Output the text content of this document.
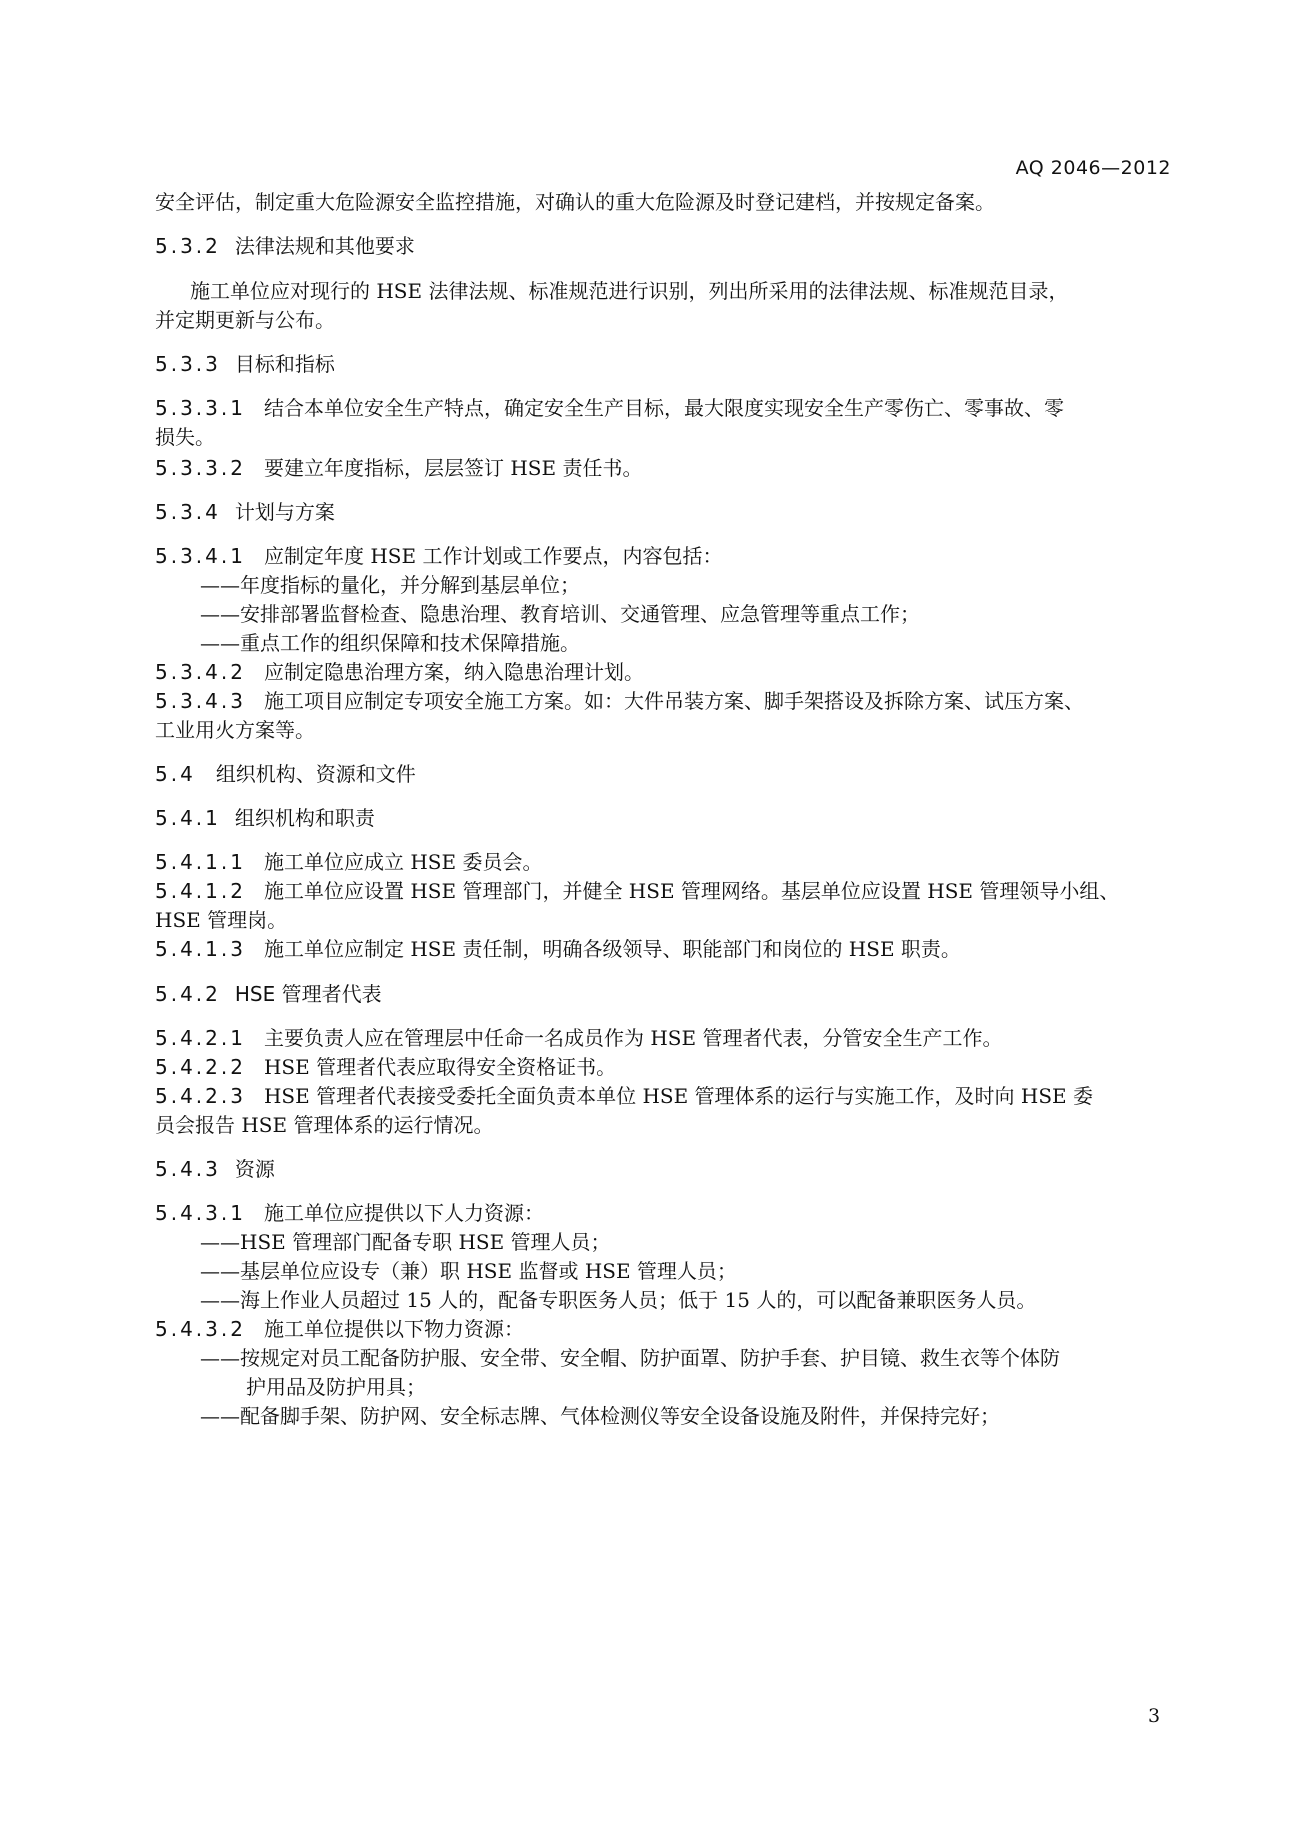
AQ 2046—2012
安全评估，制定重大危险源安全监控措施，对确认的重大危险源及时登记建档，并按规定备案。
5.3.2 法律法规和其他要求
施工单位应对现行的 HSE 法律法规、标准规范进行识别，列出所采用的法律法规、标准规范目录，
并定期更新与公布。
5.3.3 目标和指标
5.3.3.1 结合本单位安全生产特点，确定安全生产目标，最大限度实现安全生产零伤亡、零事故、零
损失。
5.3.3.2 要建立年度指标，层层签订 HSE 责任书。
5.3.4 计划与方案
5.3.4.1 应制定年度 HSE 工作计划或工作要点，内容包括：
——年度指标的量化，并分解到基层单位；
——安排部署监督检查、隐患治理、教育培训、交通管理、应急管理等重点工作；
——重点工作的组织保障和技术保障措施。
5.3.4.2 应制定隐患治理方案，纳入隐患治理计划。
5.3.4.3 施工项目应制定专项安全施工方案。如：大件吊装方案、脚手架搭设及拆除方案、试压方案、
工业用火方案等。
5.4 组织机构、资源和文件
5.4.1 组织机构和职责
5.4.1.1 施工单位应成立 HSE 委员会。
5.4.1.2 施工单位应设置 HSE 管理部门，并健全 HSE 管理网络。基层单位应设置 HSE 管理领导小组、
HSE 管理岗。
5.4.1.3 施工单位应制定 HSE 责任制，明确各级领导、职能部门和岗位的 HSE 职责。
5.4.2 HSE 管理者代表
5.4.2.1 主要负责人应在管理层中任命一名成员作为 HSE 管理者代表，分管安全生产工作。
5.4.2.2 HSE 管理者代表应取得安全资格证书。
5.4.2.3 HSE 管理者代表接受委托全面负责本单位 HSE 管理体系的运行与实施工作，及时向 HSE 委
员会报告 HSE 管理体系的运行情况。
5.4.3 资源
5.4.3.1 施工单位应提供以下人力资源：
——HSE 管理部门配备专职 HSE 管理人员；
——基层单位应设专（兼）职 HSE 监督或 HSE 管理人员；
——海上作业人员超过 15 人的，配备专职医务人员；低于 15 人的，可以配备兼职医务人员。
5.4.3.2 施工单位提供以下物力资源：
——按规定对员工配备防护服、安全带、安全帽、防护面罩、防护手套、护目镜、救生衣等个体防
护用品及防护用具；
——配备脚手架、防护网、安全标志牌、气体检测仪等安全设备设施及附件，并保持完好；
3
